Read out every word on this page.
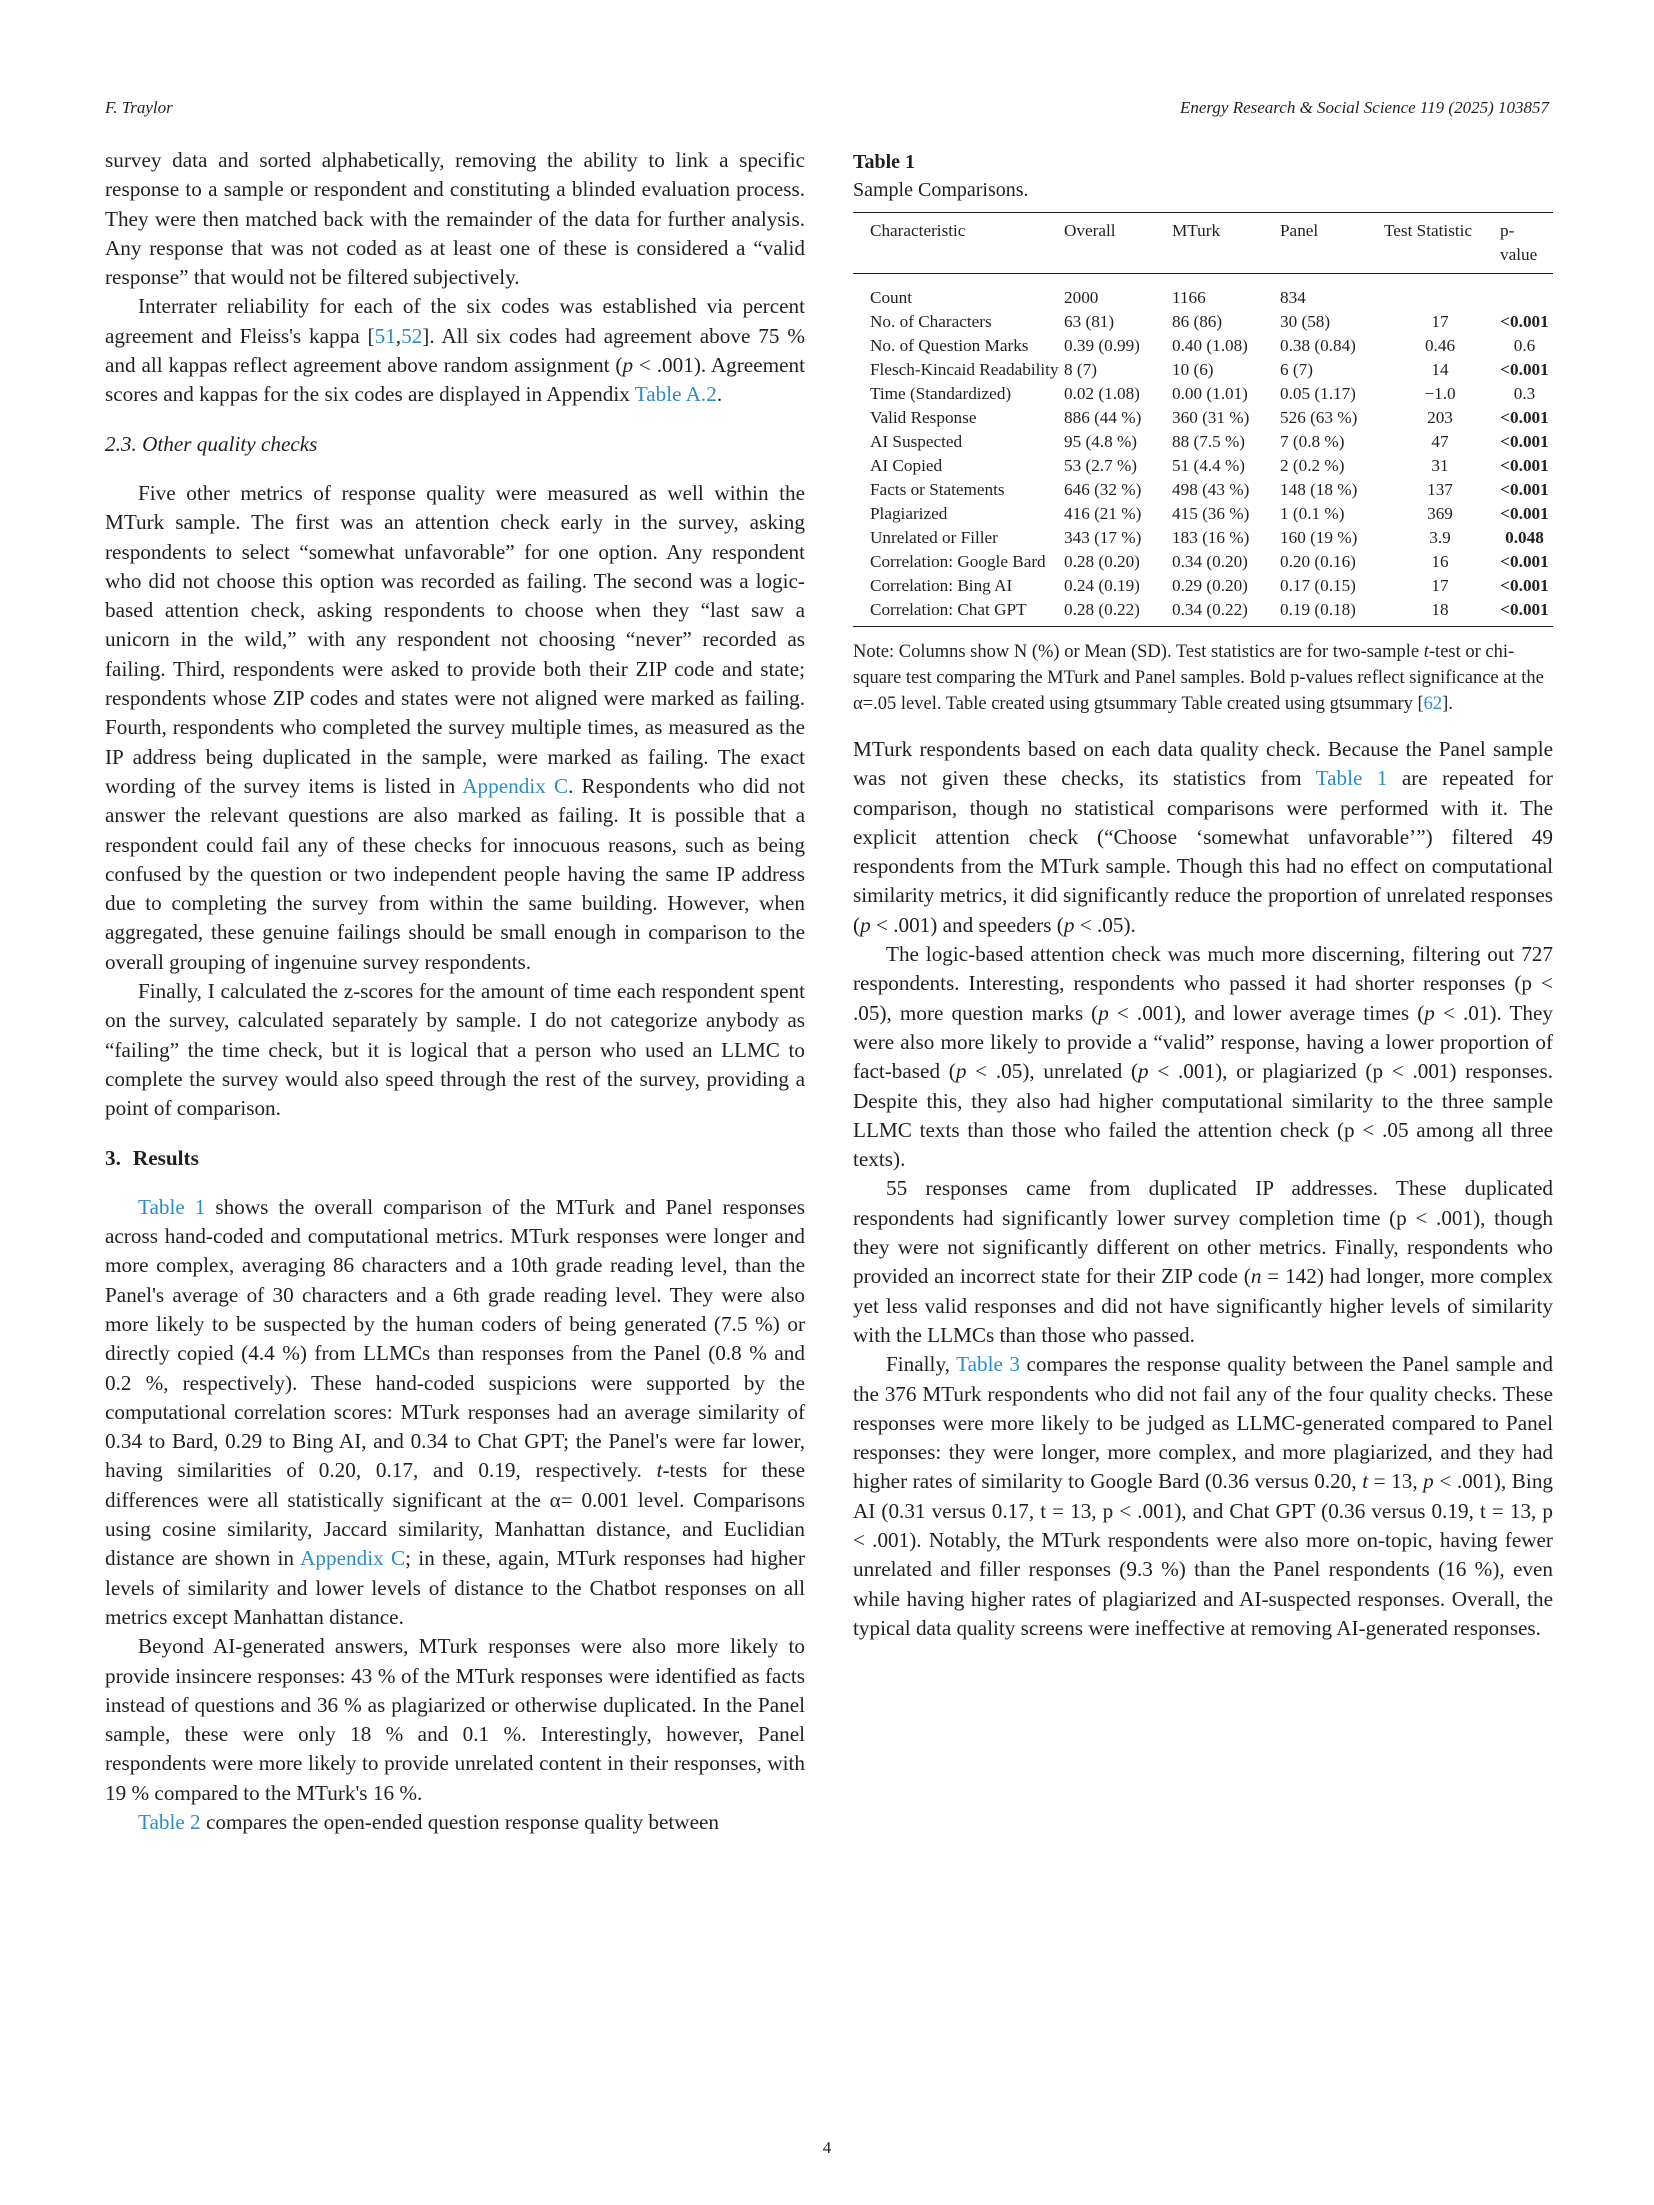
F. Traylor	Energy Research & Social Science 119 (2025) 103857

survey data and sorted alphabetically, removing the ability to link a specific response to a sample or respondent and constituting a blinded evaluation process. They were then matched back with the remainder of the data for further analysis. Any response that was not coded as at least one of these is considered a “valid response” that would not be filtered subjectively.

Interrater reliability for each of the six codes was established via percent agreement and Fleiss's kappa [51,52]. All six codes had agreement above 75 % and all kappas reflect agreement above random assignment (p < .001). Agreement scores and kappas for the six codes are displayed in Appendix Table A.2.

2.3. Other quality checks

Five other metrics of response quality were measured as well within the MTurk sample. The first was an attention check early in the survey, asking respondents to select “somewhat unfavorable” for one option. Any respondent who did not choose this option was recorded as failing. The second was a logic-based attention check, asking respondents to choose when they “last saw a unicorn in the wild,” with any respondent not choosing “never” recorded as failing. Third, respondents were asked to provide both their ZIP code and state; respondents whose ZIP codes and states were not aligned were marked as failing. Fourth, respondents who completed the survey multiple times, as measured as the IP address being duplicated in the sample, were marked as failing. The exact wording of the survey items is listed in Appendix C. Respondents who did not answer the relevant questions are also marked as failing. It is possible that a respondent could fail any of these checks for innocuous reasons, such as being confused by the question or two independent people having the same IP address due to completing the survey from within the same building. However, when aggregated, these genuine failings should be small enough in comparison to the overall grouping of ingenuine survey respondents.

Finally, I calculated the z-scores for the amount of time each respondent spent on the survey, calculated separately by sample. I do not categorize anybody as “failing” the time check, but it is logical that a person who used an LLMC to complete the survey would also speed through the rest of the survey, providing a point of comparison.

3. Results

Table 1 shows the overall comparison of the MTurk and Panel responses across hand-coded and computational metrics. MTurk responses were longer and more complex, averaging 86 characters and a 10th grade reading level, than the Panel's average of 30 characters and a 6th grade reading level. They were also more likely to be suspected by the human coders of being generated (7.5 %) or directly copied (4.4 %) from LLMCs than responses from the Panel (0.8 % and 0.2 %, respectively). These hand-coded suspicions were supported by the computational correlation scores: MTurk responses had an average similarity of 0.34 to Bard, 0.29 to Bing AI, and 0.34 to Chat GPT; the Panel's were far lower, having similarities of 0.20, 0.17, and 0.19, respectively. t-tests for these differences were all statistically significant at the α= 0.001 level. Comparisons using cosine similarity, Jaccard similarity, Manhattan distance, and Euclidian distance are shown in Appendix C; in these, again, MTurk responses had higher levels of similarity and lower levels of distance to the Chatbot responses on all metrics except Manhattan distance.

Beyond AI-generated answers, MTurk responses were also more likely to provide insincere responses: 43 % of the MTurk responses were identified as facts instead of questions and 36 % as plagiarized or otherwise duplicated. In the Panel sample, these were only 18 % and 0.1 %. Interestingly, however, Panel respondents were more likely to provide unrelated content in their responses, with 19 % compared to the MTurk's 16 %.

Table 2 compares the open-ended question response quality between

Table 1
Sample Comparisons.
Characteristic	Overall	MTurk	Panel	Test Statistic	p-value
Count	2000	1166	834		
No. of Characters	63 (81)	86 (86)	30 (58)	17	<0.001
No. of Question Marks	0.39 (0.99)	0.40 (1.08)	0.38 (0.84)	0.46	0.6
Flesch-Kincaid Readability	8 (7)	10 (6)	6 (7)	14	<0.001
Time (Standardized)	0.02 (1.08)	0.00 (1.01)	0.05 (1.17)	−1.0	0.3
Valid Response	886 (44 %)	360 (31 %)	526 (63 %)	203	<0.001
AI Suspected	95 (4.8 %)	88 (7.5 %)	7 (0.8 %)	47	<0.001
AI Copied	53 (2.7 %)	51 (4.4 %)	2 (0.2 %)	31	<0.001
Facts or Statements	646 (32 %)	498 (43 %)	148 (18 %)	137	<0.001
Plagiarized	416 (21 %)	415 (36 %)	1 (0.1 %)	369	<0.001
Unrelated or Filler	343 (17 %)	183 (16 %)	160 (19 %)	3.9	0.048
Correlation: Google Bard	0.28 (0.20)	0.34 (0.20)	0.20 (0.16)	16	<0.001
Correlation: Bing AI	0.24 (0.19)	0.29 (0.20)	0.17 (0.15)	17	<0.001
Correlation: Chat GPT	0.28 (0.22)	0.34 (0.22)	0.19 (0.18)	18	<0.001
Note: Columns show N (%) or Mean (SD). Test statistics are for two-sample t-test or chi-square test comparing the MTurk and Panel samples. Bold p-values reflect significance at the α=.05 level. Table created using gtsummary Table created using gtsummary [62].

MTurk respondents based on each data quality check. Because the Panel sample was not given these checks, its statistics from Table 1 are repeated for comparison, though no statistical comparisons were performed with it. The explicit attention check (“Choose ‘somewhat unfavorable’”) filtered 49 respondents from the MTurk sample. Though this had no effect on computational similarity metrics, it did significantly reduce the proportion of unrelated responses (p < .001) and speeders (p < .05).

The logic-based attention check was much more discerning, filtering out 727 respondents. Interesting, respondents who passed it had shorter responses (p < .05), more question marks (p < .001), and lower average times (p < .01). They were also more likely to provide a “valid” response, having a lower proportion of fact-based (p < .05), unrelated (p < .001), or plagiarized (p < .001) responses. Despite this, they also had higher computational similarity to the three sample LLMC texts than those who failed the attention check (p < .05 among all three texts).

55 responses came from duplicated IP addresses. These duplicated respondents had significantly lower survey completion time (p < .001), though they were not significantly different on other metrics. Finally, respondents who provided an incorrect state for their ZIP code (n = 142) had longer, more complex yet less valid responses and did not have significantly higher levels of similarity with the LLMCs than those who passed.

Finally, Table 3 compares the response quality between the Panel sample and the 376 MTurk respondents who did not fail any of the four quality checks. These responses were more likely to be judged as LLMC-generated compared to Panel responses: they were longer, more complex, and more plagiarized, and they had higher rates of similarity to Google Bard (0.36 versus 0.20, t = 13, p < .001), Bing AI (0.31 versus 0.17, t = 13, p < .001), and Chat GPT (0.36 versus 0.19, t = 13, p < .001). Notably, the MTurk respondents were also more on-topic, having fewer unrelated and filler responses (9.3 %) than the Panel respondents (16 %), even while having higher rates of plagiarized and AI-suspected responses. Overall, the typical data quality screens were ineffective at removing AI-generated responses.

4
